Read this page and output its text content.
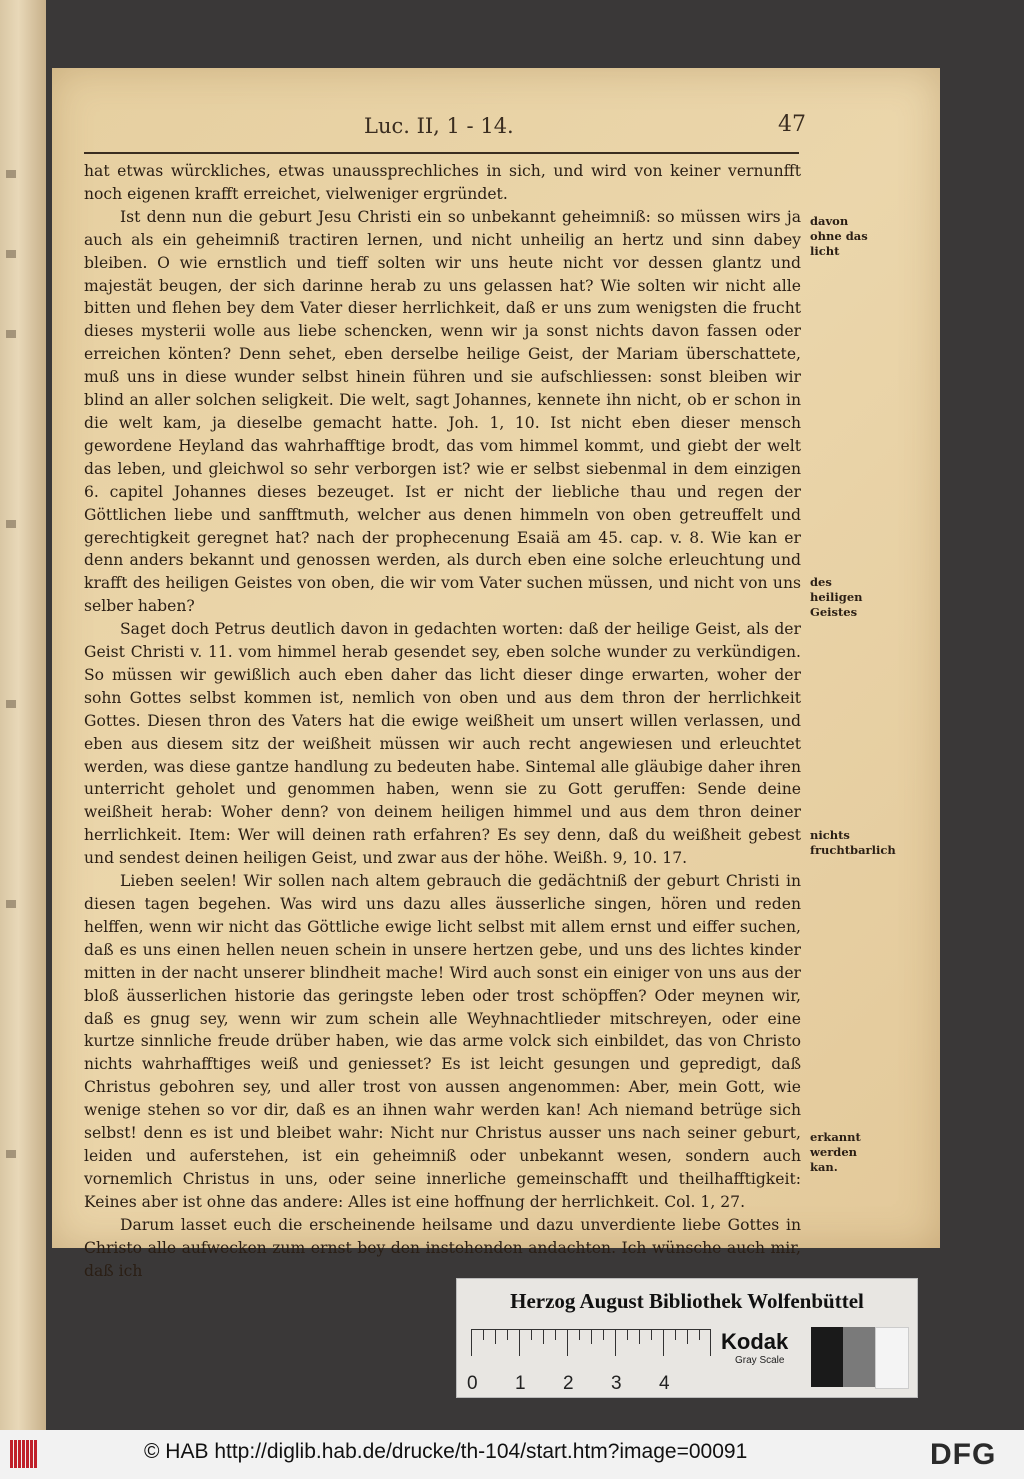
Luc. II, 1 - 14.	47

hat etwas würckliches, etwas unaussprechliches in sich, und wird von keiner vernunfft noch eigenen krafft erreichet, vielweniger ergründet.

Ist denn nun die geburt Jesu Christi ein so unbekannt geheimniß: so müssen wirs ja auch als ein geheimniß tractiren lernen, und nicht unheilig an hertz und sinn dabey bleiben. O wie ernstlich und tieff solten wir uns heute nicht vor dessen glantz und majestät beugen, der sich darinne herab zu uns gelassen hat? Wie solten wir nicht alle bitten und flehen bey dem Vater dieser herrlichkeit, daß er uns zum wenigsten die frucht dieses mysterii wolle aus liebe schencken, wenn wir ja sonst nichts davon fassen oder erreichen könten? Denn sehet, eben derselbe heilige Geist, der Mariam überschattete, muß uns in diese wunder selbst hinein führen und sie aufschliessen: sonst bleiben wir blind an aller solchen seligkeit. Die welt, sagt Johannes, kennete ihn nicht, ob er schon in die welt kam, ja dieselbe gemacht hatte. Joh. 1, 10. Ist nicht eben dieser mensch gewordene Heyland das wahrhafftige brodt, das vom himmel kommt, und giebt der welt das leben, und gleichwol so sehr verborgen ist? wie er selbst siebenmal in dem einzigen 6. capitel Johannes dieses bezeuget. Ist er nicht der liebliche thau und regen der Göttlichen liebe und sanfftmuth, welcher aus denen himmeln von oben getreuffelt und gerechtigkeit geregnet hat? nach der prophecenung Esaiä am 45. cap. v. 8. Wie kan er denn anders bekannt und genossen werden, als durch eben eine solche erleuchtung und krafft des heiligen Geistes von oben, die wir vom Vater suchen müssen, und nicht von uns selber haben?

Saget doch Petrus deutlich davon in gedachten worten: daß der heilige Geist, als der Geist Christi v. 11. vom himmel herab gesendet sey, eben solche wunder zu verkündigen. So müssen wir gewißlich auch eben daher das licht dieser dinge erwarten, woher der sohn Gottes selbst kommen ist, nemlich von oben und aus dem thron der herrlichkeit Gottes. Diesen thron des Vaters hat die ewige weißheit um unsert willen verlassen, und eben aus diesem sitz der weißheit müssen wir auch recht angewiesen und erleuchtet werden, was diese gantze handlung zu bedeuten habe. Sintemal alle gläubige daher ihren unterricht geholet und genommen haben, wenn sie zu Gott geruffen: Sende deine weißheit herab: Woher denn? von deinem heiligen himmel und aus dem thron deiner herrlichkeit. Item: Wer will deinen rath erfahren? Es sey denn, daß du weißheit gebest und sendest deinen heiligen Geist, und zwar aus der höhe. Weißh. 9, 10. 17.

Lieben seelen! Wir sollen nach altem gebrauch die gedächtniß der geburt Christi in diesen tagen begehen. Was wird uns dazu alles äusserliche singen, hören und reden helffen, wenn wir nicht das Göttliche ewige licht selbst mit allem ernst und eiffer suchen, daß es uns einen hellen neuen schein in unsere hertzen gebe, und uns des lichtes kinder mitten in der nacht unserer blindheit mache! Wird auch sonst ein einiger von uns aus der bloß äusserlichen historie das geringste leben oder trost schöpffen? Oder meynen wir, daß es gnug sey, wenn wir zum schein alle Weyhnachtlieder mitschreyen, oder eine kurtze sinnliche freude drüber haben, wie das arme volck sich einbildet, das von Christo nichts wahrhafftiges weiß und geniesset? Es ist leicht gesungen und gepredigt, daß Christus gebohren sey, und aller trost von aussen angenommen: Aber, mein Gott, wie wenige stehen so vor dir, daß es an ihnen wahr werden kan! Ach niemand betrüge sich selbst! denn es ist und bleibet wahr: Nicht nur Christus ausser uns nach seiner geburt, leiden und auferstehen, ist ein geheimniß oder unbekannt wesen, sondern auch vornemlich Christus in uns, oder seine innerliche gemeinschafft und theilhafftigkeit: Keines aber ist ohne das andere: Alles ist eine hoffnung der herrlichkeit. Col. 1, 27.

Darum lasset euch die erscheinende heilsame und dazu unverdiente liebe Gottes in Christo alle aufwecken zum ernst bey den instehenden andachten. Ich wünsche auch mir, daß ich

davon ohne das licht
des heiligen Geistes
nichts fruchtbarlich
erkannt werden kan.
Herzog August Bibliothek Wolfenbüttel
0 1 2 3 4
Kodak
Gray Scale
© HAB http://diglib.hab.de/drucke/th-104/start.htm?image=00091	DFG
